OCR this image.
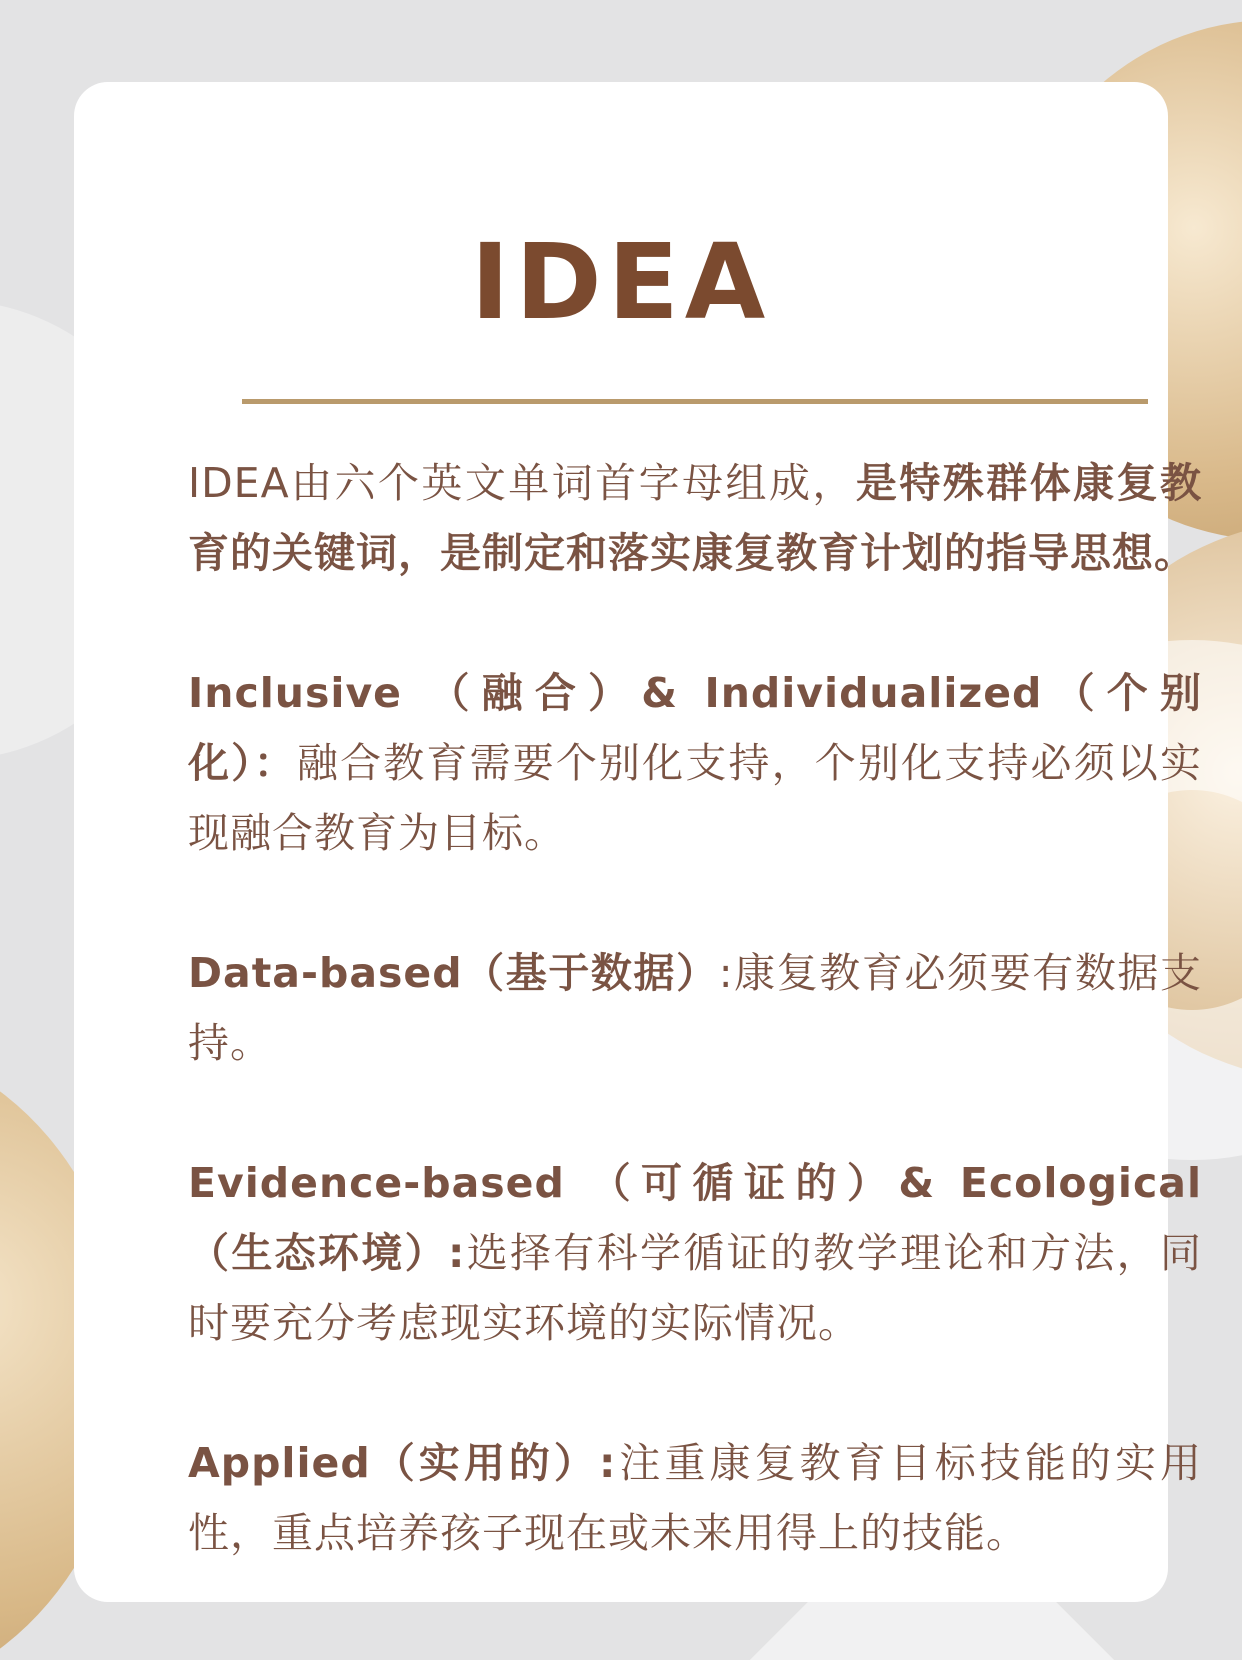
IDEA

IDEA由六个英文单词首字母组成，是特殊群体康复教育的关键词，是制定和落实康复教育计划的指导思想。

Inclusive （融合）& Individualized（个别化）：融合教育需要个别化支持，个别化支持必须以实现融合教育为目标。

Data-based（基于数据）:康复教育必须要有数据支持。

Evidence-based （可循证的）& Ecological（生态环境）:选择有科学循证的教学理论和方法，同时要充分考虑现实环境的实际情况。

Applied（实用的）:注重康复教育目标技能的实用性，重点培养孩子现在或未来用得上的技能。
